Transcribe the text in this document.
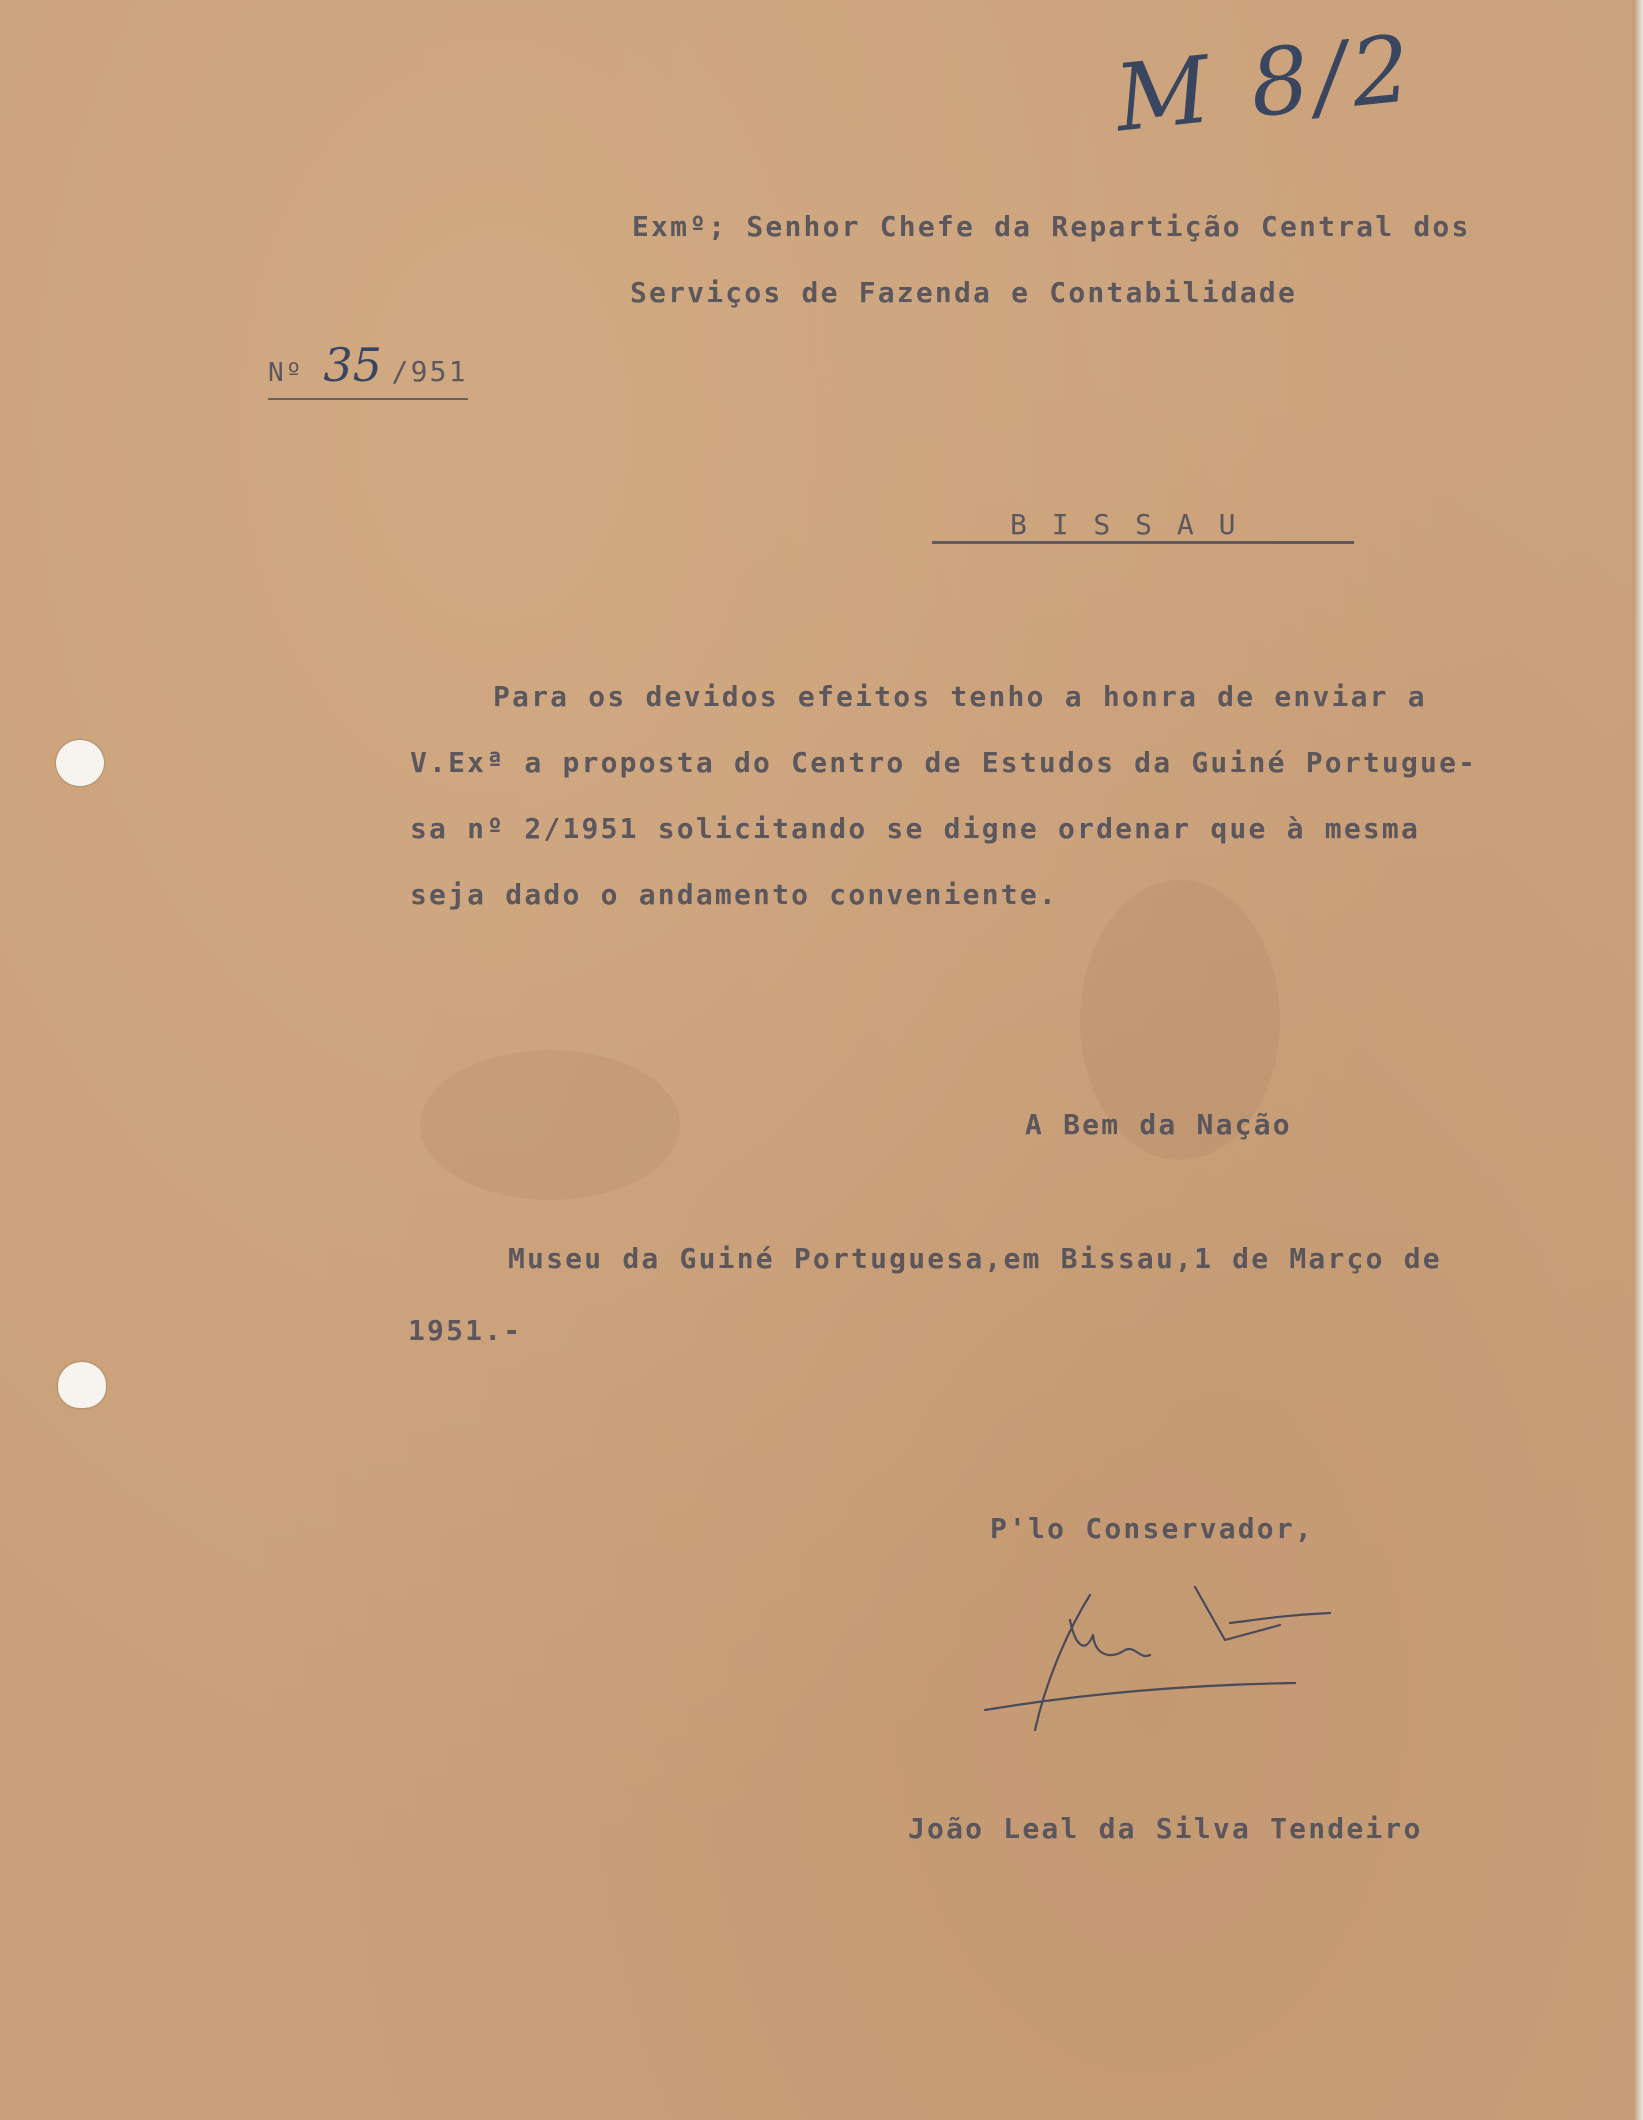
M 8/2
Exmº; Senhor Chefe da Repartição Central dos
Serviços de Fazenda e Contabilidade
Nº 35 /951
B I S S A U
Para os devidos efeitos tenho a honra de enviar a
V.Exª a proposta do Centro de Estudos da Guiné Portugue-
sa nº 2/1951 solicitando se digne ordenar que à mesma
seja dado o andamento conveniente.
A Bem da Nação
Museu da Guiné Portuguesa,em Bissau,1 de Março de
1951.-
P'lo Conservador,
João Leal da Silva Tendeiro
